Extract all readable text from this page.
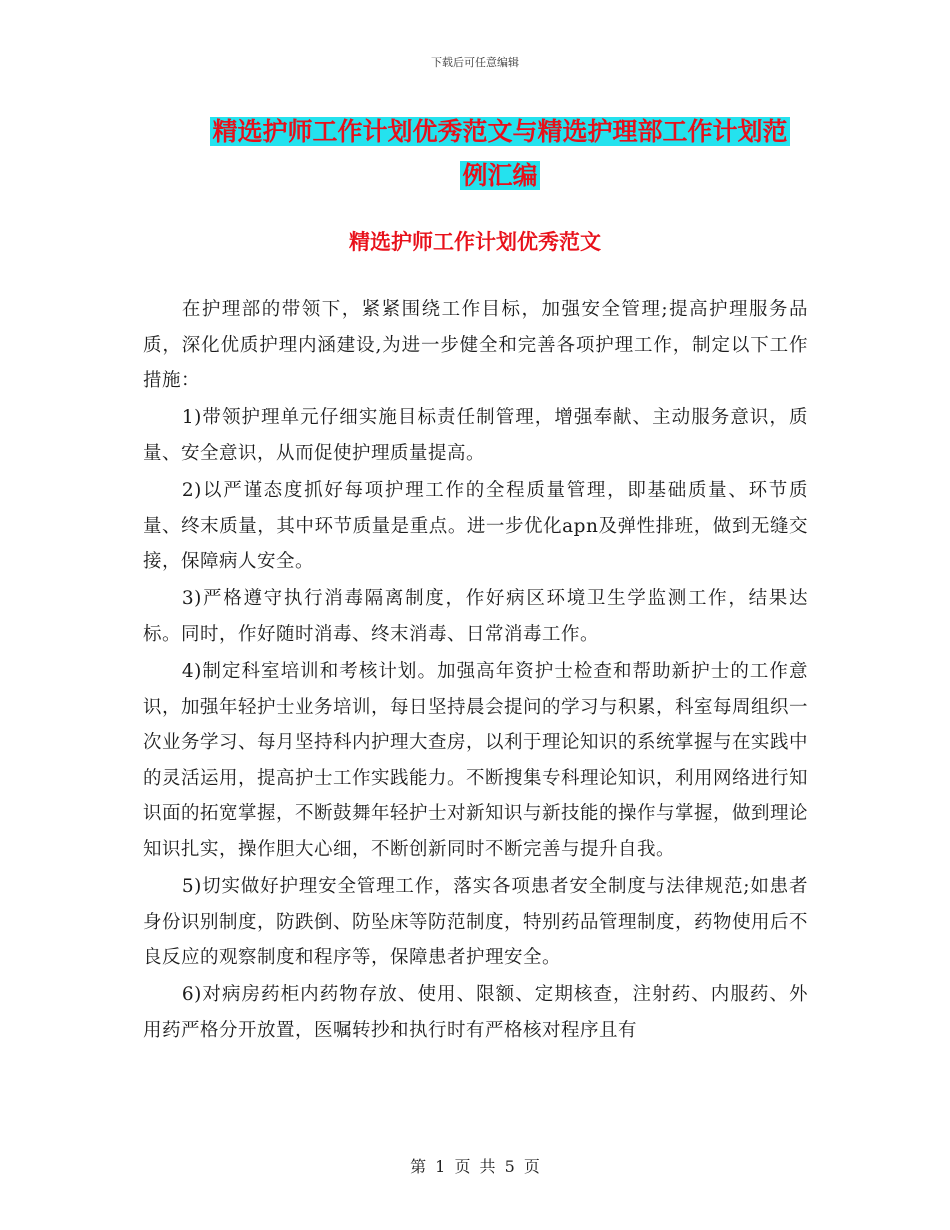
下载后可任意编辑
精选护师工作计划优秀范文与精选护理部工作计划范
例汇编
精选护师工作计划优秀范文

在护理部的带领下，紧紧围绕工作目标，加强安全管理;提高护理服务品质，深化优质护理内涵建设,为进一步健全和完善各项护理工作，制定以下工作措施：

1)带领护理单元仔细实施目标责任制管理，增强奉献、主动服务意识，质量、安全意识，从而促使护理质量提高。

2)以严谨态度抓好每项护理工作的全程质量管理，即基础质量、环节质量、终末质量，其中环节质量是重点。进一步优化apn及弹性排班，做到无缝交接，保障病人安全。

3)严格遵守执行消毒隔离制度，作好病区环境卫生学监测工作，结果达标。同时，作好随时消毒、终末消毒、日常消毒工作。

4)制定科室培训和考核计划。加强高年资护士检查和帮助新护士的工作意识，加强年轻护士业务培训，每日坚持晨会提问的学习与积累，科室每周组织一次业务学习、每月坚持科内护理大查房，以利于理论知识的系统掌握与在实践中的灵活运用，提高护士工作实践能力。不断搜集专科理论知识，利用网络进行知识面的拓宽掌握，不断鼓舞年轻护士对新知识与新技能的操作与掌握，做到理论知识扎实，操作胆大心细，不断创新同时不断完善与提升自我。

5)切实做好护理安全管理工作，落实各项患者安全制度与法律规范;如患者身份识别制度，防跌倒、防坠床等防范制度，特别药品管理制度，药物使用后不良反应的观察制度和程序等，保障患者护理安全。

6)对病房药柜内药物存放、使用、限额、定期核查，注射药、内服药、外用药严格分开放置，医嘱转抄和执行时有严格核对程序且有

第 1 页 共 5 页
